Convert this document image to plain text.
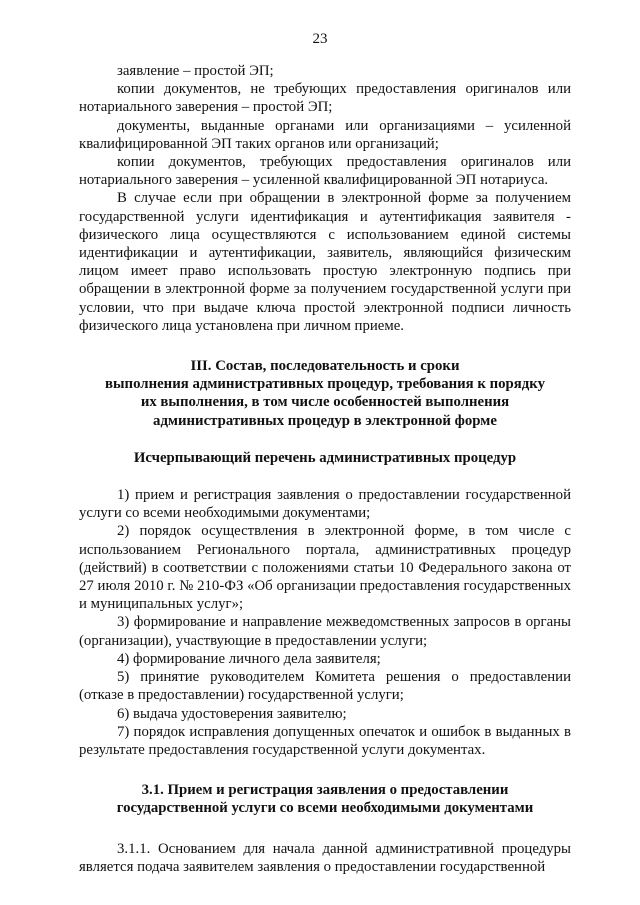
23

заявление – простой ЭП;

копии документов, не требующих предоставления оригиналов или нотариального заверения – простой ЭП;

документы, выданные органами или организациями – усиленной квалифицированной ЭП таких органов или организаций;

копии документов, требующих предоставления оригиналов или нотариального заверения – усиленной квалифицированной ЭП нотариуса.

В случае если при обращении в электронной форме за получением государственной услуги идентификация и аутентификация заявителя - физического лица осуществляются с использованием единой системы идентификации и аутентификации, заявитель, являющийся физическим лицом имеет право использовать простую электронную подпись при обращении в электронной форме за получением государственной услуги при условии, что при выдаче ключа простой электронной подписи личность физического лица установлена при личном приеме.

III. Состав, последовательность и сроки

выполнения административных процедур, требования к порядку

их выполнения, в том числе особенностей выполнения

административных процедур в электронной форме

Исчерпывающий перечень административных процедур

1) прием и регистрация заявления о предоставлении государственной услуги со всеми необходимыми документами;

2) порядок осуществления в электронной форме, в том числе с использованием Регионального портала, административных процедур (действий) в соответствии с положениями статьи 10 Федерального закона от 27 июля 2010 г. № 210-ФЗ «Об организации предоставления государственных и муниципальных услуг»;

3) формирование и направление межведомственных запросов в органы (организации), участвующие в предоставлении услуги;

4) формирование личного дела заявителя;

5) принятие руководителем Комитета решения о предоставлении (отказе в предоставлении) государственной услуги;

6) выдача удостоверения заявителю;

7) порядок исправления допущенных опечаток и ошибок в выданных в результате предоставления государственной услуги документах.

3.1. Прием и регистрация заявления о предоставлении

государственной услуги со всеми необходимыми документами

3.1.1. Основанием для начала данной административной процедуры является подача заявителем заявления о предоставлении государственной
